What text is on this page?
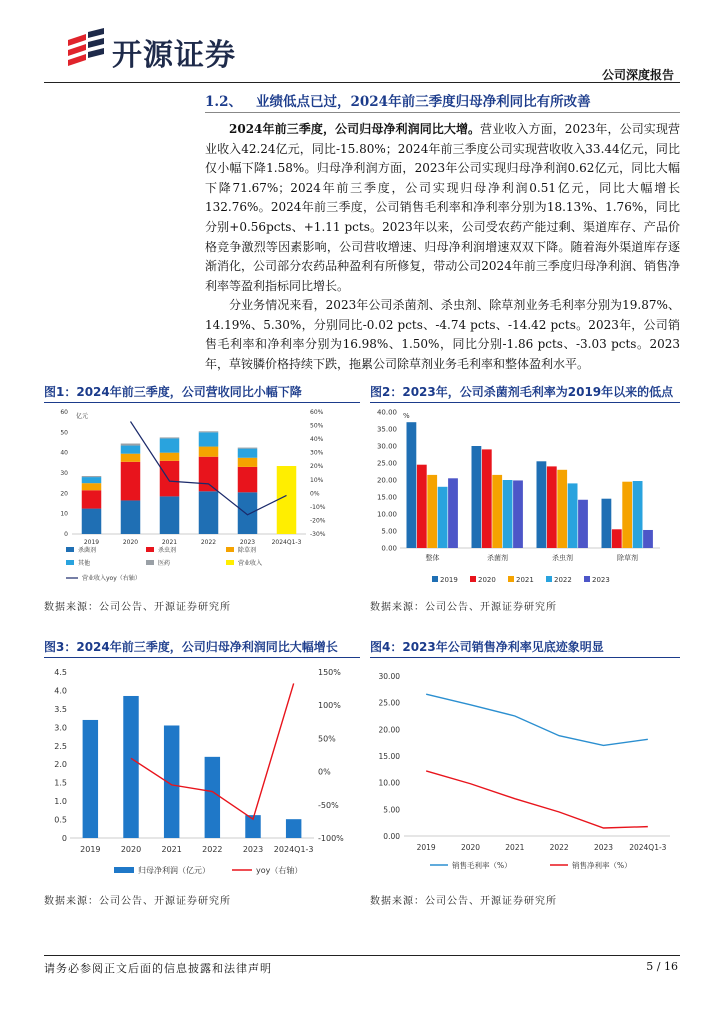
开源证券
公司深度报告
1.2、 业绩低点已过，2024年前三季度归母净利同比有所改善
2024年前三季度，公司归母净利润同比大增。营业收入方面，2023年，公司实现营业收入42.24亿元，同比-15.80%；2024年前三季度公司实现营收收入33.44亿元，同比仅小幅下降1.58%。归母净利润方面，2023年公司实现归母净利润0.62亿元，同比大幅下降71.67%；2024年前三季度，公司实现归母净利润0.51亿元，同比大幅增长132.76%。2024年前三季度，公司销售毛利率和净利率分别为18.13%、1.76%，同比分别+0.56pcts、+1.11 pcts。2023年以来，公司受农药产能过剩、渠道库存、产品价格竞争激烈等因素影响，公司营收增速、归母净利润增速双双下降。随着海外渠道库存逐渐消化，公司部分农药品种盈利有所修复，带动公司2024年前三季度归母净利润、销售净利率等盈利指标同比增长。
分业务情况来看，2023年公司杀菌剂、杀虫剂、除草剂业务毛利率分别为19.87%、14.19%、5.30%，分别同比-0.02 pcts、-4.74 pcts、-14.42 pcts。2023年，公司销售毛利率和净利率分别为16.98%、1.50%，同比分别-1.86 pcts、-3.03 pcts。2023年，草铵膦价格持续下跌，拖累公司除草剂业务毛利率和整体盈利水平。
图1：2024年前三季度，公司营收同比小幅下降	图2：2023年，公司杀菌剂毛利率为2019年以来的低点
图3：2024年前三季度，公司归母净利润同比大幅增长	图4：2023年公司销售净利率见底迹象明显
亿元
0
10
20
30
40
50
60	60%
50%
40%
30%
20%
10%
0%
-10%
-20%
-30%
2019	2020	2021	2022	2023	2024Q1-3
杀菌剂	杀虫剂	除草剂
其他	医药	营业收入
营业收入yoy（右轴）
%
0.00
5.00
10.00
15.00
20.00
25.00
30.00
35.00
40.00
整体	杀菌剂	杀虫剂	除草剂
2019	2020	2021	2022	2023
0
0.5
1.0
1.5
2.0
2.5
3.0
3.5
4.0
4.5	150%
100%
50%
0%
-50%
-100%
2019	2020	2021	2022	2023 2024Q1-3
归母净利润（亿元）	yoy（右轴）
0.00
5.00
10.00
15.00
20.00
25.00
30.00
2019	2020	2021	2022	2023 2024Q1-3
销售毛利率（%）	销售净利率（%）
数据来源：公司公告、开源证券研究所	数据来源：公司公告、开源证券研究所
数据来源：公司公告、开源证券研究所	数据来源：公司公告、开源证券研究所
请务必参阅正文后面的信息披露和法律声明	5 / 16
